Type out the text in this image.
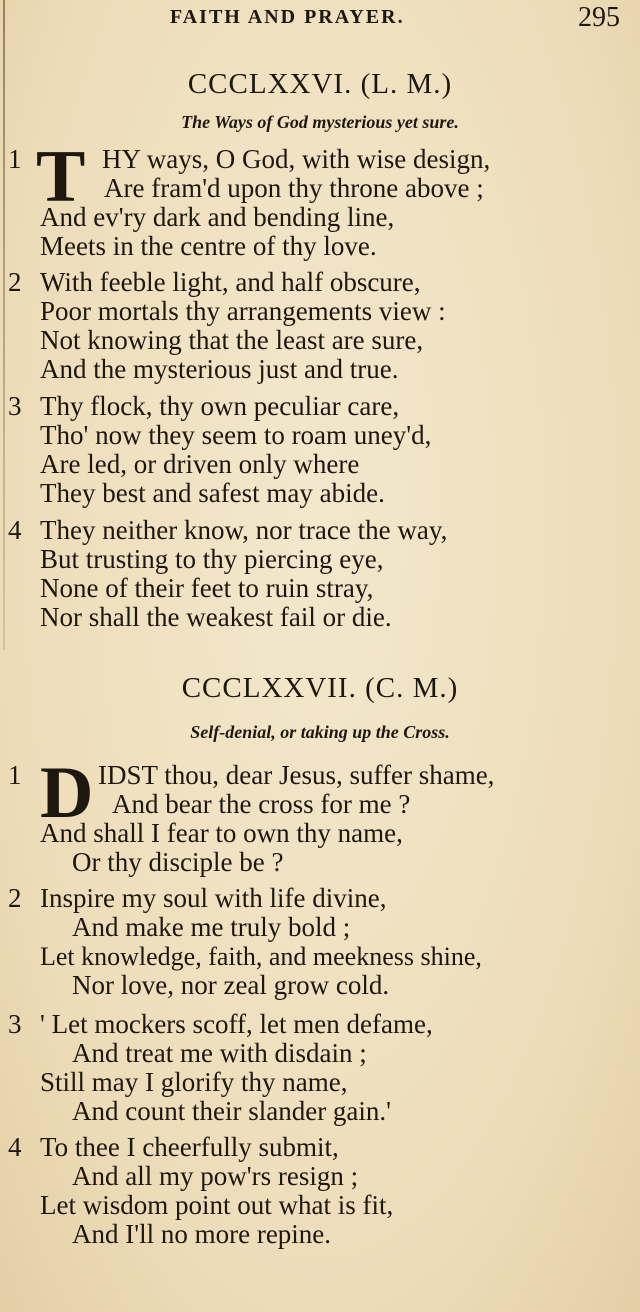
FAITH AND PRAYER.	295
CCCLXXVI. (L. M.)
The Ways of God mysterious yet sure.
1 T HY ways, O God, with wise design,
Are fram'd upon thy throne above ;
And ev'ry dark and bending line,
Meets in the centre of thy love.
2 With feeble light, and half obscure,
Poor mortals thy arrangements view :
Not knowing that the least are sure,
And the mysterious just and true.
3 Thy flock, thy own peculiar care,
Tho' now they seem to roam uney'd,
Are led, or driven only where
They best and safest may abide.
4 They neither know, nor trace the way,
But trusting to thy piercing eye,
None of their feet to ruin stray,
Nor shall the weakest fail or die.
CCCLXXVII. (C. M.)
Self-denial, or taking up the Cross.
1 D IDST thou, dear Jesus, suffer shame,
And bear the cross for me ?
And shall I fear to own thy name,
Or thy disciple be ?
2 Inspire my soul with life divine,
And make me truly bold ;
Let knowledge, faith, and meekness shine,
Nor love, nor zeal grow cold.
3 ' Let mockers scoff, let men defame,
And treat me with disdain ;
Still may I glorify thy name,
And count their slander gain.'
4 To thee I cheerfully submit,
And all my pow'rs resign ;
Let wisdom point out what is fit,
And I'll no more repine.
